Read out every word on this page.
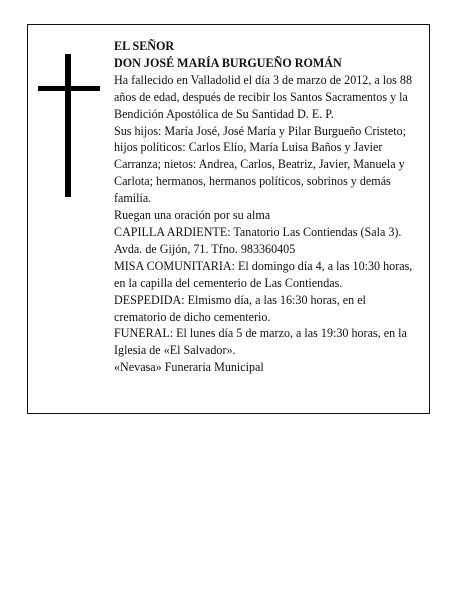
EL SEÑOR

DON JOSÉ MARÍA BURGUEÑO ROMÁN

Ha fallecido en Valladolid el día 3 de marzo de 2012, a los 88 años de edad, después de recibir los Santos Sacramentos y la Bendición Apostólica de Su Santidad D. E. P.

Sus hijos: María José, José María y Pilar Burgueño Cristeto; hijos políticos: Carlos Elío, María Luisa Baños y Javier Carranza; nietos: Andrea, Carlos, Beatriz, Javier, Manuela y Carlota; hermanos, hermanos políticos, sobrinos y demás familia.

Ruegan una oración por su alma

CAPILLA ARDIENTE: Tanatorio Las Contiendas (Sala 3). Avda. de Gijón, 71. Tfno. 983360405

MISA COMUNITARIA: El domingo día 4, a las 10:30 horas, en la capilla del cementerio de Las Contiendas.

DESPEDIDA: Elmismo día, a las 16:30 horas, en el crematorio de dicho cementerio.

FUNERAL: El lunes día 5 de marzo, a las 19:30 horas, en la Iglesia de «El Salvador».

«Nevasa» Funeraria Municipal
